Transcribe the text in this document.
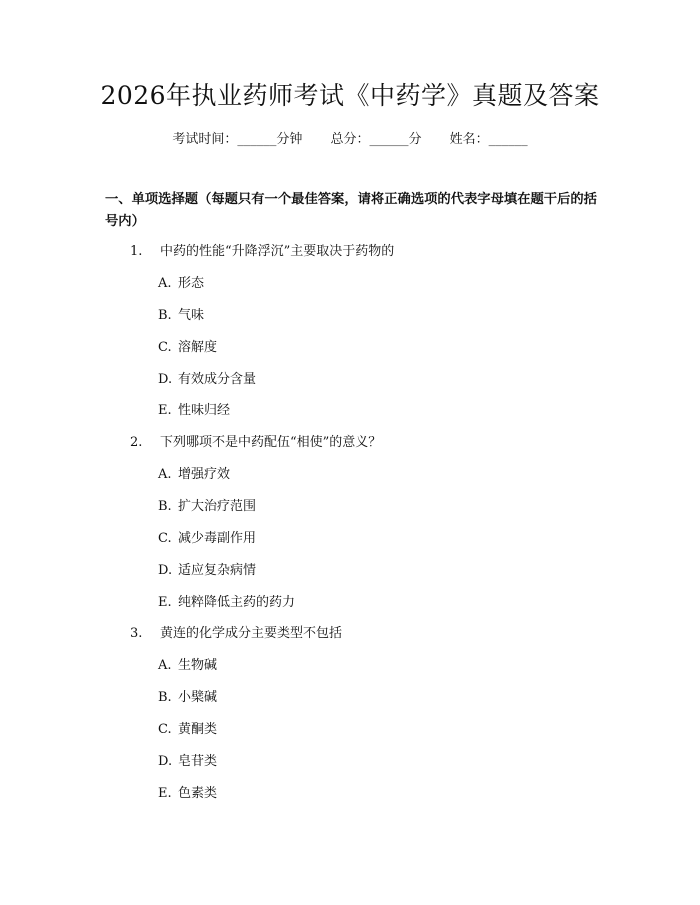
2026年执业药师考试《中药学》真题及答案
考试时间：______分钟 总分：______分 姓名：______
一、单项选择题（每题只有一个最佳答案，请将正确选项的代表字母填在题干后的括号内）
1. 中药的性能“升降浮沉”主要取决于药物的
A. 形态
B. 气味
C. 溶解度
D. 有效成分含量
E. 性味归经
2. 下列哪项不是中药配伍“相使”的意义？
A. 增强疗效
B. 扩大治疗范围
C. 减少毒副作用
D. 适应复杂病情
E. 纯粹降低主药的药力
3. 黄连的化学成分主要类型不包括
A. 生物碱
B. 小檗碱
C. 黄酮类
D. 皂苷类
E. 色素类
